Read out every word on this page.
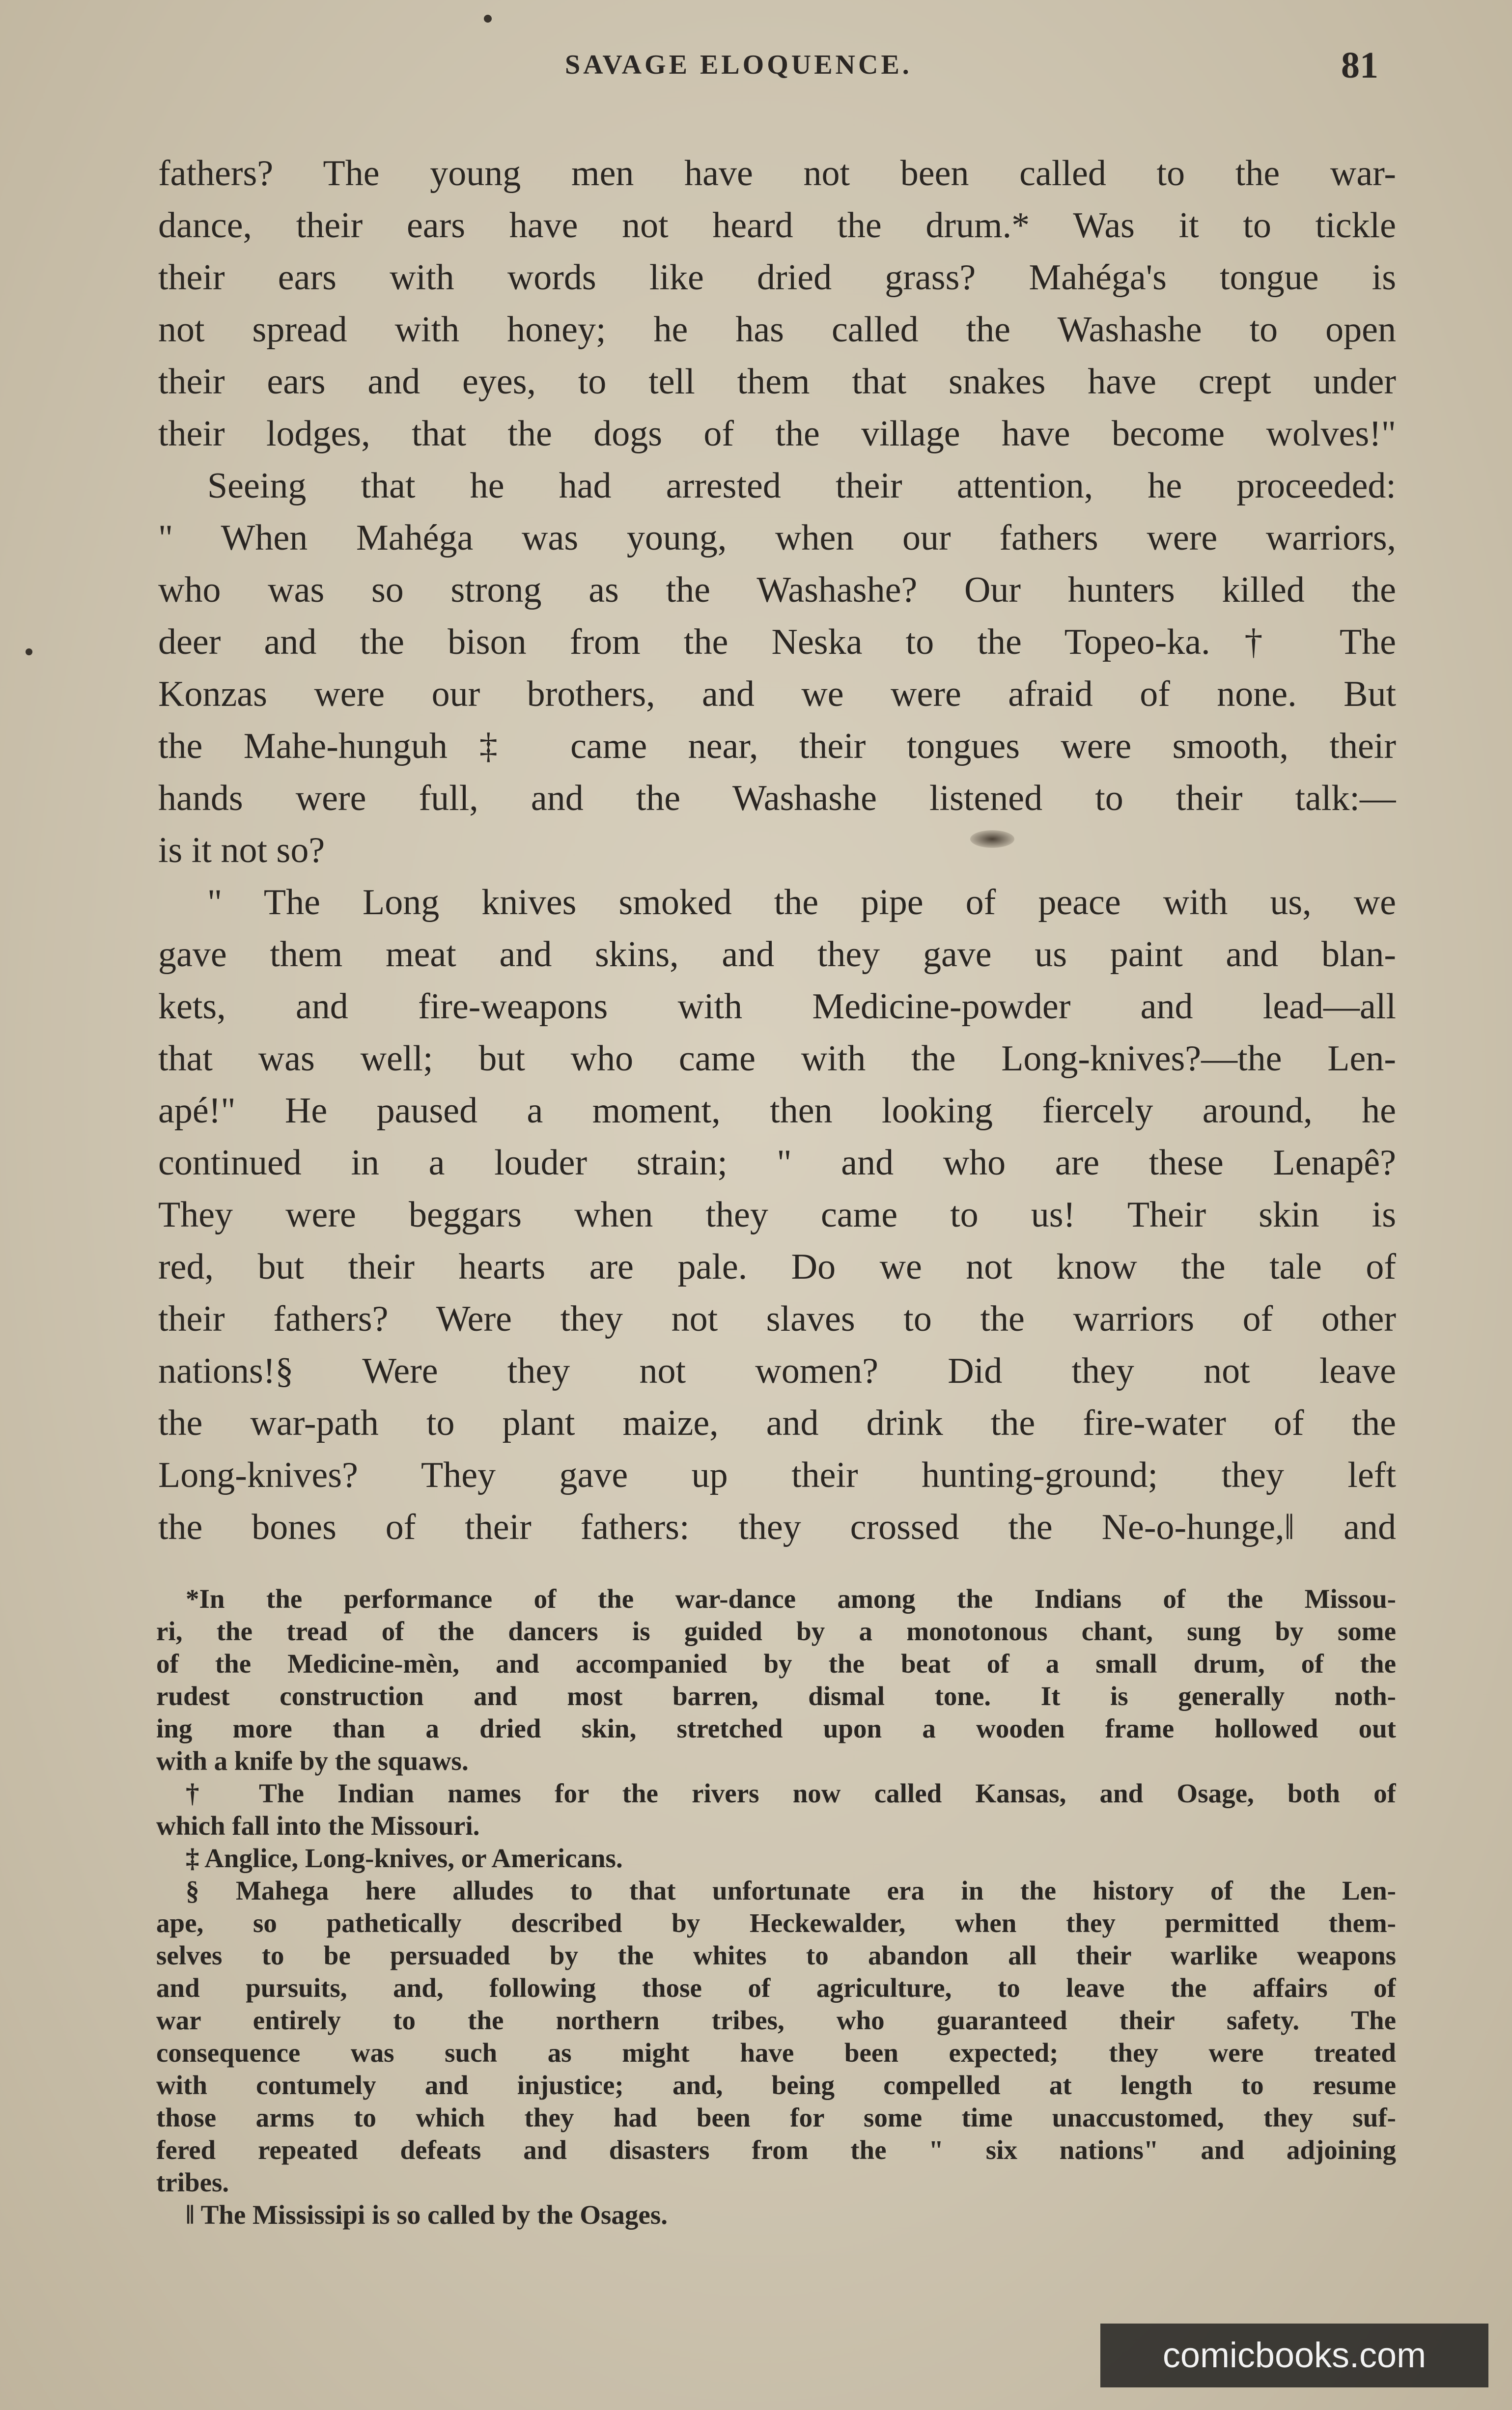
SAVAGE ELOQUENCE.	81
fathers? The young men have not been called to the war-
dance, their ears have not heard the drum.* Was it to tickle
their ears with words like dried grass? Mahéga's tongue is
not spread with honey; he has called the Washashe to open
their ears and eyes, to tell them that snakes have crept under
their lodges, that the dogs of the village have become wolves!"
Seeing that he had arrested their attention, he proceeded:
" When Mahéga was young, when our fathers were warriors,
who was so strong as the Washashe? Our hunters killed the
deer and the bison from the Neska to the Topeo-ka.† The
Konzas were our brothers, and we were afraid of none. But
the Mahe-hunguh‡ came near, their tongues were smooth, their
hands were full, and the Washashe listened to their talk:—
is it not so?
" The Long knives smoked the pipe of peace with us, we
gave them meat and skins, and they gave us paint and blan-
kets, and fire-weapons with Medicine-powder and lead—all
that was well; but who came with the Long-knives?—the Len-
apé!" He paused a moment, then looking fiercely around, he
continued in a louder strain; " and who are these Lenapê?
They were beggars when they came to us! Their skin is
red, but their hearts are pale. Do we not know the tale of
their fathers? Were they not slaves to the warriors of other
nations!§ Were they not women? Did they not leave
the war-path to plant maize, and drink the fire-water of the
Long-knives? They gave up their hunting-ground; they left
the bones of their fathers: they crossed the Ne-o-hunge,‖ and
*In the performance of the war-dance among the Indians of the Missou-
ri, the tread of the dancers is guided by a monotonous chant, sung by some
of the Medicine-mèn, and accompanied by the beat of a small drum, of the
rudest construction and most barren, dismal tone. It is generally noth-
ing more than a dried skin, stretched upon a wooden frame hollowed out
with a knife by the squaws.
† The Indian names for the rivers now called Kansas, and Osage, both of
which fall into the Missouri.
‡ Anglice, Long-knives, or Americans.
§ Mahega here alludes to that unfortunate era in the history of the Len-
ape, so pathetically described by Heckewalder, when they permitted them-
selves to be persuaded by the whites to abandon all their warlike weapons
and pursuits, and, following those of agriculture, to leave the affairs of
war entirely to the northern tribes, who guaranteed their safety. The
consequence was such as might have been expected; they were treated
with contumely and injustice; and, being compelled at length to resume
those arms to which they had been for some time unaccustomed, they suf-
fered repeated defeats and disasters from the " six nations" and adjoining
tribes.
‖ The Mississipi is so called by the Osages.
comicbooks.com
